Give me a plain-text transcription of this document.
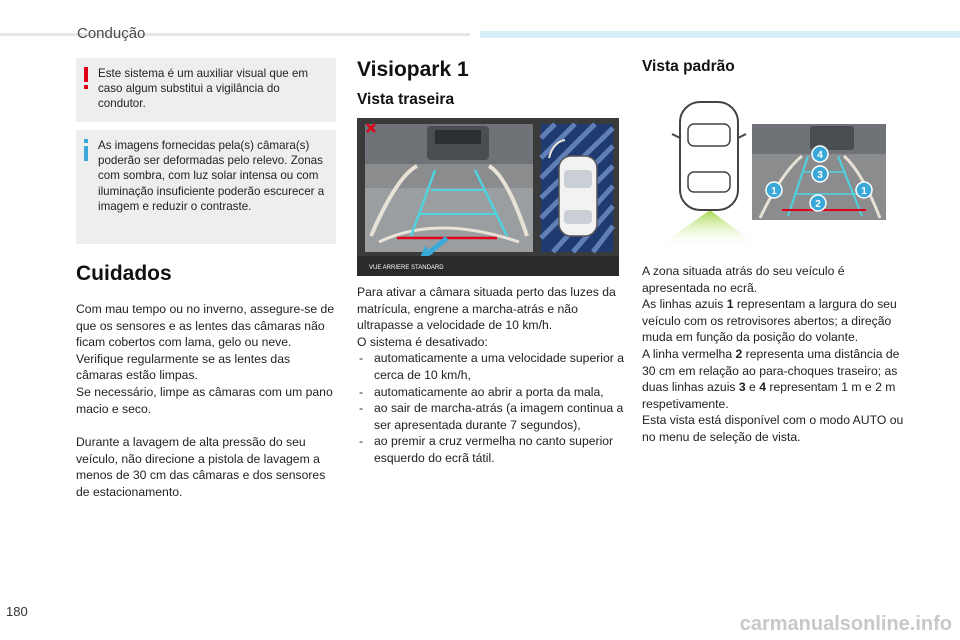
Condução
Este sistema é um auxiliar visual que em caso algum substitui a vigilância do condutor.
As imagens fornecidas pela(s) câmara(s) poderão ser deformadas pelo relevo. Zonas com sombra, com luz solar intensa ou com iluminação insuficiente poderão escurecer a imagem e reduzir o contraste.
Cuidados

Com mau tempo ou no inverno, assegure-se de que os sensores e as lentes das câmaras não ficam cobertos com lama, gelo ou neve.

Verifique regularmente se as lentes das câmaras estão limpas.

Se necessário, limpe as câmaras com um pano macio e seco.

Durante a lavagem de alta pressão do seu veículo, não direcione a pistola de lavagem a menos de 30 cm das câmaras e dos sensores de estacionamento.

Visiopark 1
Vista traseira
VUE ARRIERE STANDARD

Para ativar a câmara situada perto das luzes da matrícula, engrene a marcha-atrás e não ultrapasse a velocidade de 10 km/h.

O sistema é desativado:

- automaticamente a uma velocidade superior a cerca de 10 km/h,
- automaticamente ao abrir a porta da mala,
- ao sair de marcha-atrás (a imagem continua a ser apresentada durante 7 segundos),
- ao premir a cruz vermelha no canto superior esquerdo do ecrã tátil.
Vista padrão
4
3
1	1
2

A zona situada atrás do seu veículo é apresentada no ecrã.

As linhas azuis 1 representam a largura do seu veículo com os retrovisores abertos; a direção muda em função da posição do volante.

A linha vermelha 2 representa uma distância de 30 cm em relação ao para-choques traseiro; as duas linhas azuis 3 e 4 representam 1 m e 2 m respetivamente.

Esta vista está disponível com o modo AUTO ou no menu de seleção de vista.

180
carmanualsonline.info
